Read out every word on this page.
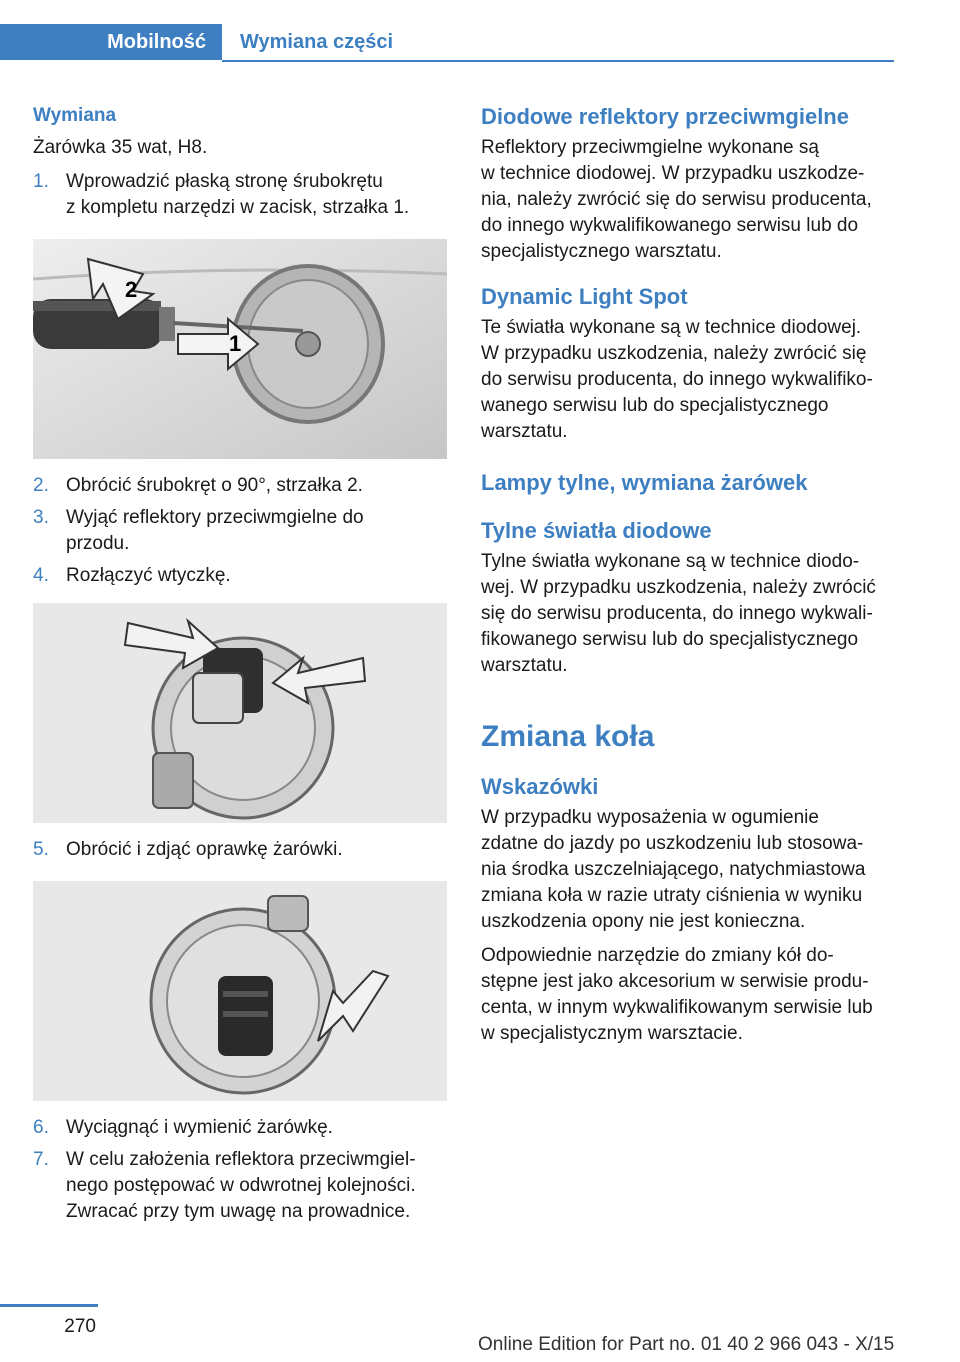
Mobilność	Wymiana części
Wymiana
Żarówka 35 wat, H8.
1. Wprowadzić płaską stronę śrubokrętu
z kompletu narzędzi w zacisk, strzałka 1.
2
1
2. Obrócić śrubokręt o 90°, strzałka 2.
3. Wyjąć reflektory przeciwmgielne do
przodu.
4. Rozłączyć wtyczkę.
5. Obrócić i zdjąć oprawkę żarówki.
6. Wyciągnąć i wymienić żarówkę.
7. W celu założenia reflektora przeciwmgiel‐
nego postępować w odwrotnej kolejności.
Zwracać przy tym uwagę na prowadnice.
Diodowe reflektory przeciwmgielne
Reflektory przeciwmgielne wykonane są
w technice diodowej. W przypadku uszkodze‐
nia, należy zwrócić się do serwisu producenta,
do innego wykwalifikowanego serwisu lub do
specjalistycznego warsztatu.
Dynamic Light Spot
Te światła wykonane są w technice diodowej.
W przypadku uszkodzenia, należy zwrócić się
do serwisu producenta, do innego wykwalifiko‐
wanego serwisu lub do specjalistycznego
warsztatu.
Lampy tylne, wymiana żarówek
Tylne światła diodowe
Tylne światła wykonane są w technice diodo‐
wej. W przypadku uszkodzenia, należy zwrócić
się do serwisu producenta, do innego wykwali‐
fikowanego serwisu lub do specjalistycznego
warsztatu.
Zmiana koła
Wskazówki
W przypadku wyposażenia w ogumienie
zdatne do jazdy po uszkodzeniu lub stosowa‐
nia środka uszczelniającego, natychmiastowa
zmiana koła w razie utraty ciśnienia w wyniku
uszkodzenia opony nie jest konieczna.
Odpowiednie narzędzie do zmiany kół do‐
stępne jest jako akcesorium w serwisie produ‐
centa, w innym wykwalifikowanym serwisie lub
w specjalistycznym warsztacie.
270
Online Edition for Part no. 01 40 2 966 043 - X/15
